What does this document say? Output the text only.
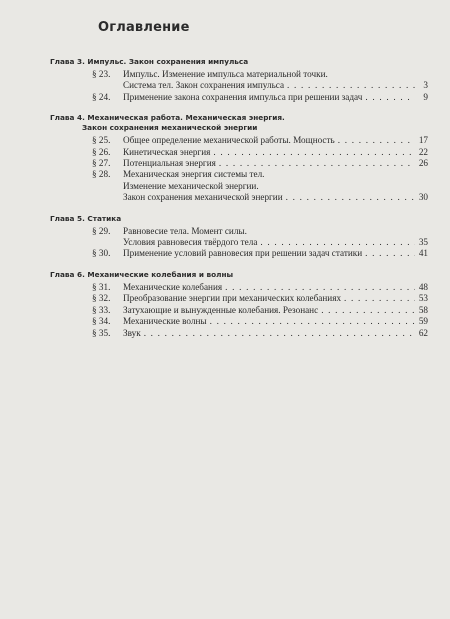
Оглавление
Глава 3. Импульс. Закон сохранения импульса
§ 23.	Импульс. Изменение импульса материальной точки.
Система тел. Закон сохранения импульса . . .	3
§ 24.	Применение закона сохранения импульса при решении задач . . .	9
Глава 4. Механическая работа. Механическая энергия.
Закон сохранения механической энергии
§ 25.	Общее определение механической работы. Мощность . . .	17
§ 26.	Кинетическая энергия . . .	22
§ 27.	Потенциальная энергия . . .	26
§ 28.	Механическая энергия системы тел.
Изменение механической энергии.
Закон сохранения механической энергии . . .	30
Глава 5. Статика
§ 29.	Равновесие тела. Момент силы.
Условия равновесия твёрдого тела . . .	35
§ 30.	Применение условий равновесия при решении задач статики . . .	41
Глава 6. Механические колебания и волны
§ 31.	Механические колебания . . .	48
§ 32.	Преобразование энергии при механических колебаниях . . .	53
§ 33.	Затухающие и вынужденные колебания. Резонанс . . .	58
§ 34.	Механические волны . . .	59
§ 35.	Звук . . .	62
